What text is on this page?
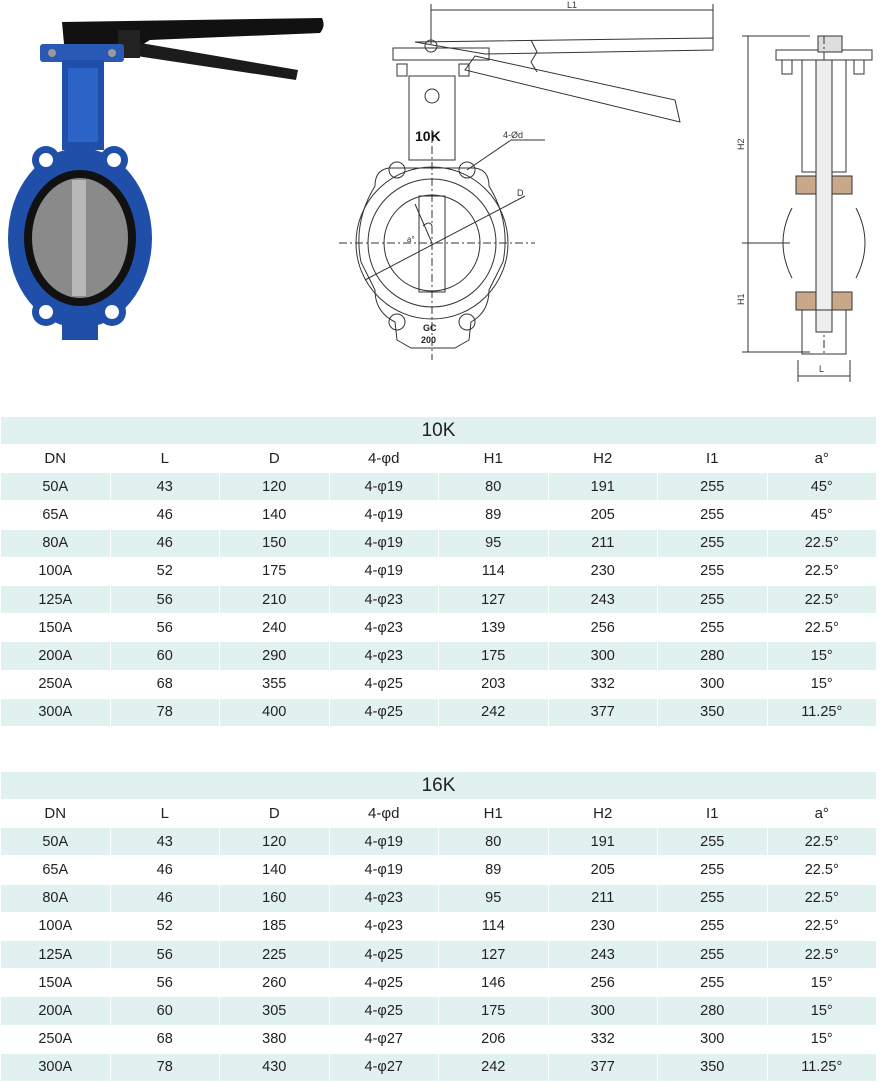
L1
D
4-Ød
a°
10K
GC
200
H2
H1
L
10K							
DN	L	D	4-φd	H1	H2	I1	a°
50A	43	120	4-φ19	80	191	255	45°
65A	46	140	4-φ19	89	205	255	45°
80A	46	150	4-φ19	95	211	255	22.5°
100A	52	175	4-φ19	114	230	255	22.5°
125A	56	210	4-φ23	127	243	255	22.5°
150A	56	240	4-φ23	139	256	255	22.5°
200A	60	290	4-φ23	175	300	280	15°
250A	68	355	4-φ25	203	332	300	15°
300A	78	400	4-φ25	242	377	350	11.25°
16K							
DN	L	D	4-φd	H1	H2	I1	a°
50A	43	120	4-φ19	80	191	255	22.5°
65A	46	140	4-φ19	89	205	255	22.5°
80A	46	160	4-φ23	95	211	255	22.5°
100A	52	185	4-φ23	114	230	255	22.5°
125A	56	225	4-φ25	127	243	255	22.5°
150A	56	260	4-φ25	146	256	255	15°
200A	60	305	4-φ25	175	300	280	15°
250A	68	380	4-φ27	206	332	300	15°
300A	78	430	4-φ27	242	377	350	11.25°
